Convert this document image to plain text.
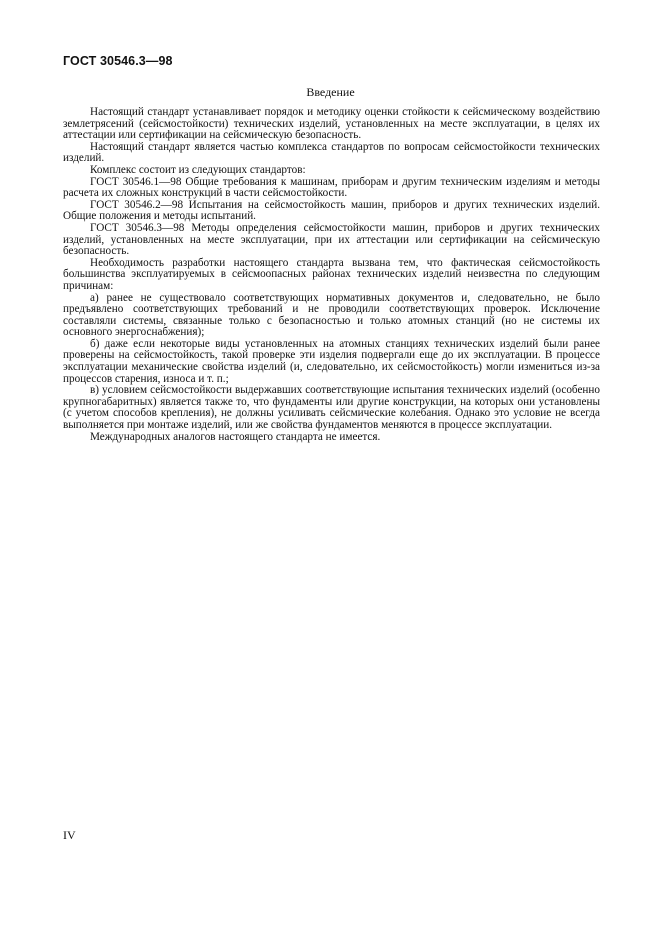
ГОСТ 30546.3—98
Введение

Настоящий стандарт устанавливает порядок и методику оценки стойкости к сейсмическому воздействию землетрясений (сейсмостойкости) технических изделий, установленных на месте эксплуатации, в целях их аттестации или сертификации на сейсмическую безопасность.

Настоящий стандарт является частью комплекса стандартов по вопросам сейсмостойкости технических изделий.

Комплекс состоит из следующих стандартов:

ГОСТ 30546.1—98 Общие требования к машинам, приборам и другим техническим изделиям и методы расчета их сложных конструкций в части сейсмостойкости.

ГОСТ 30546.2—98 Испытания на сейсмостойкость машин, приборов и других технических изделий. Общие положения и методы испытаний.

ГОСТ 30546.3—98 Методы определения сейсмостойкости машин, приборов и других технических изделий, установленных на месте эксплуатации, при их аттестации или сертификации на сейсмическую безопасность.

Необходимость разработки настоящего стандарта вызвана тем, что фактическая сейсмостойкость большинства эксплуатируемых в сейсмоопасных районах технических изделий неизвестна по следующим причинам:

а) ранее не существовало соответствующих нормативных документов и, следовательно, не было предъявлено соответствующих требований и не проводили соответствующих проверок. Исключение составляли системы, связанные только с безопасностью и только атомных станций (но не системы их основного энергоснабжения);

б) даже если некоторые виды установленных на атомных станциях технических изделий были ранее проверены на сейсмостойкость, такой проверке эти изделия подвергали еще до их эксплуатации. В процессе эксплуатации механические свойства изделий (и, следовательно, их сейсмостойкость) могли измениться из-за процессов старения, износа и т. п.;

в) условием сейсмостойкости выдержавших соответствующие испытания технических изделий (особенно крупногабаритных) является также то, что фундаменты или другие конструкции, на которых они установлены (с учетом способов крепления), не должны усиливать сейсмические колебания. Однако это условие не всегда выполняется при монтаже изделий, или же свойства фундаментов меняются в процессе эксплуатации.

Международных аналогов настоящего стандарта не имеется.

IV
